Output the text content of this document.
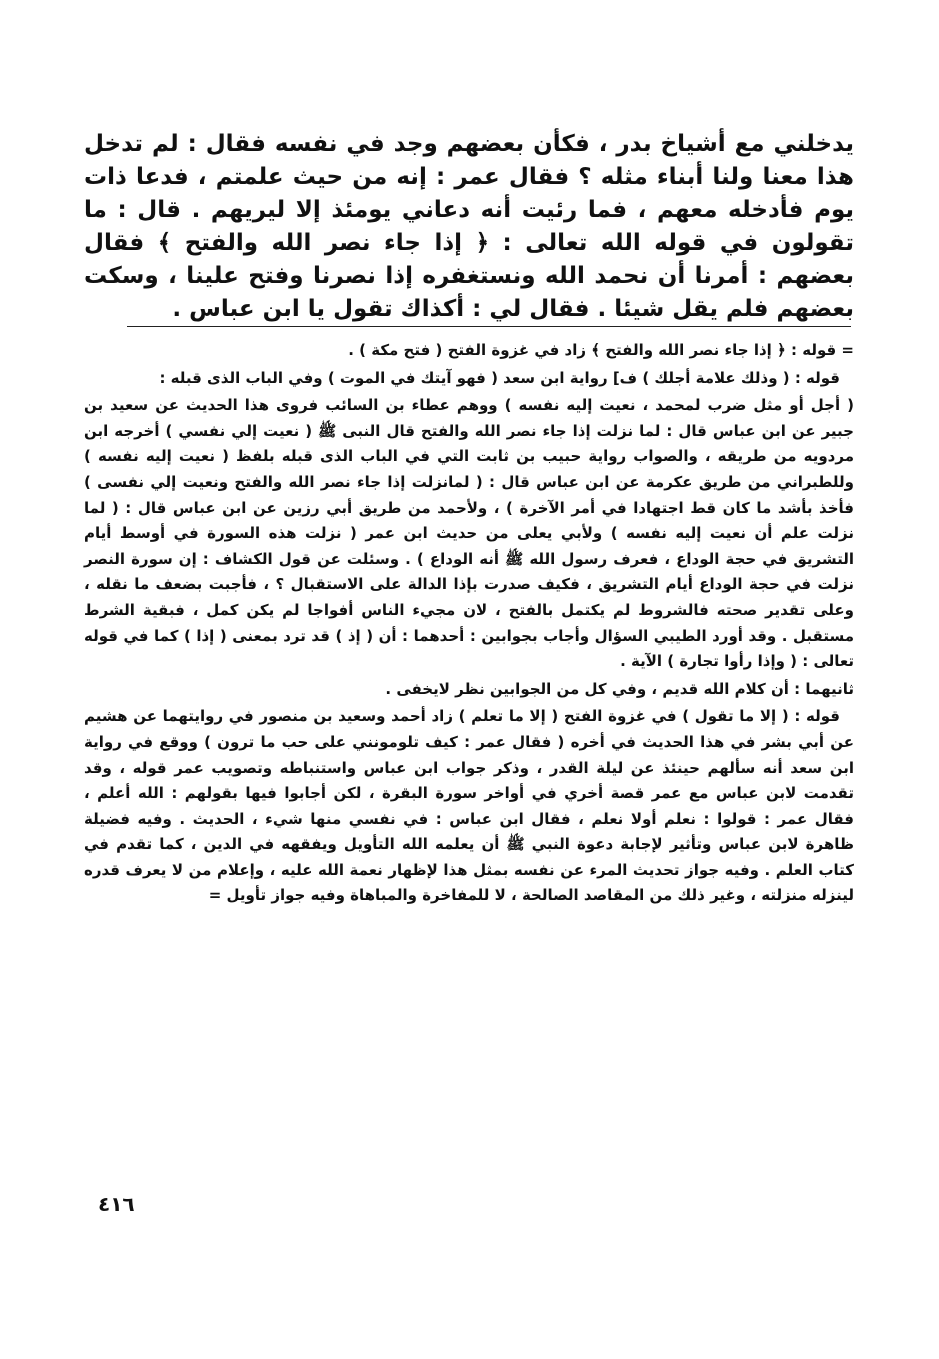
يدخلني مع أشياخ بدر ، فكأن بعضهم وجد في نفسه فقال : لم تدخل هذا معنا ولنا أبناء مثله ؟ فقال عمر : إنه من حيث علمتم ، فدعا ذات يوم فأدخله معهم ، فما رئيت أنه دعاني يومئذ إلا ليريهم . قال : ما تقولون في قوله الله تعالى : ﴿ إذا جاء نصر الله والفتح ﴾ فقال بعضهم : أمرنا أن نحمد الله ونستغفره إذا نصرنا وفتح علينا ، وسكت بعضهم فلم يقل شيئا . فقال لي : أكذاك تقول يا ابن عباس .

= قوله : ﴿ إذا جاء نصر الله والفتح ﴾ زاد في غزوة الفتح ( فتح مكة ) .

قوله : ( وذلك علامة أجلك ) ف] رواية ابن سعد ( فهو آيتك في الموت ) وفي الباب الذى قبله :

( أجل أو مثل ضرب لمحمد ، نعيت إليه نفسه ) ووهم عطاء بن السائب فروى هذا الحديث عن سعيد بن جبير عن ابن عباس قال : لما نزلت إذا جاء نصر الله والفتح قال النبى ﷺ ( نعيت إلي نفسي ) أخرجه ابن مردويه من طريقه ، والصواب رواية حبيب بن ثابت التي في الباب الذى قبله بلفظ ( نعيت إليه نفسه ) وللطبراني من طريق عكرمة عن ابن عباس قال : ( لمانزلت إذا جاء نصر الله والفتح ونعيت إلي نفسى ) فأخذ بأشد ما كان قط اجتهادا في أمر الآخرة ) ، ولأحمد من طريق أبي رزين عن ابن عباس قال : ( لما نزلت علم أن نعيت إليه نفسه ) ولأبي يعلى من حديث ابن عمر ( نزلت هذه السورة في أوسط أيام التشريق في حجة الوداع ، فعرف رسول الله ﷺ أنه الوداع ) . وسئلت عن قول الكشاف : إن سورة النصر نزلت في حجة الوداع أيام التشريق ، فكيف صدرت بإذا الدالة على الاستقبال ؟ ، فأجبت بضعف ما نقله ، وعلى تقدير صحته فالشروط لم يكتمل بالفتح ، لان مجيء الناس أفواجا لم يكن كمل ، فبقية الشرط مستقبل . وقد أورد الطيبي السؤال وأجاب بجوابين : أحدهما : أن ( إذ ) قد ترد بمعنى ( إذا ) كما في قوله تعالى : ( وإذا رأوا تجارة ) الآية .

ثانيهما : أن كلام الله قديم ، وفي كل من الجوابين نظر لايخفى .

قوله : ( إلا ما تقول ) في غزوة الفتح ( إلا ما تعلم ) زاد أحمد وسعيد بن منصور في روايتهما عن هشيم عن أبي بشر في هذا الحديث في أخره ( فقال عمر : كيف تلومونني على حب ما ترون ) ووقع في رواية ابن سعد أنه سألهم حينئذ عن ليلة القدر ، وذكر جواب ابن عباس واستنباطه وتصويب عمر قوله ، وقد تقدمت لابن عباس مع عمر قصة أخري في أواخر سورة البقرة ، لكن أجابوا فيها بقولهم : الله أعلم ، فقال عمر : قولوا : نعلم أولا نعلم ، فقال ابن عباس : في نفسي منها شيء ، الحديث . وفيه فضيلة ظاهرة لابن عباس وتأثير لإجابة دعوة النبي ﷺ أن يعلمه الله التأويل ويفقهه في الدين ، كما تقدم في كتاب العلم . وفيه جواز تحديث المرء عن نفسه بمثل هذا لإظهار نعمة الله عليه ، وإعلام من لا يعرف قدره لينزله منزلته ، وغير ذلك من المقاصد الصالحة ، لا للمفاخرة والمباهاة وفيه جواز تأويل =

٤١٦
